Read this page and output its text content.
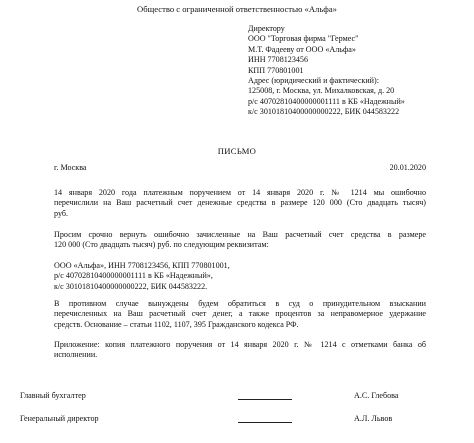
Общество с ограниченной ответственностью «Альфа»
Директору
ООО "Торговая фирма "Гермес"
М.Т. Фадееву от ООО «Альфа»
ИНН 7708123456
КПП 770801001
Адрес (юридический и фактический):
125008, г. Москва, ул. Михалковская, д. 20
р/с 40702810400000001111 в КБ «Надежный»
к/с 30101810400000000222, БИК 044583222
ПИСЬМО
г. Москва	20.01.2020
14 января 2020 года платежным поручением от 14 января 2020 г. № 1214 мы ошибочно
перечислили на Ваш расчетный счет денежные средства в размере 120 000 (Сто двадцать тысяч)
руб.
Просим срочно вернуть ошибочно зачисленные на Ваш расчетный счет средства в размере
120 000 (Сто двадцать тысяч) руб. по следующим реквизитам:
ООО «Альфа», ИНН 7708123456, КПП 770801001,
р/с 40702810400000001111 в КБ «Надежный»,
к/с 30101810400000000222, БИК 044583222.
В противном случае вынуждены будем обратиться в суд о принудительном взыскании
перечисленных на Ваш расчетный счет денег, а также процентов за неправомерное удержание
средств. Основание – статьи 1102, 1107, 395 Гражданского кодекса РФ.
Приложение: копия платежного поручения от 14 января 2020 г. № 1214 с отметками банка об
исполнении.
Главный бухгалтер	А.С. Глебова
Генеральный директор	А.Л. Львов
